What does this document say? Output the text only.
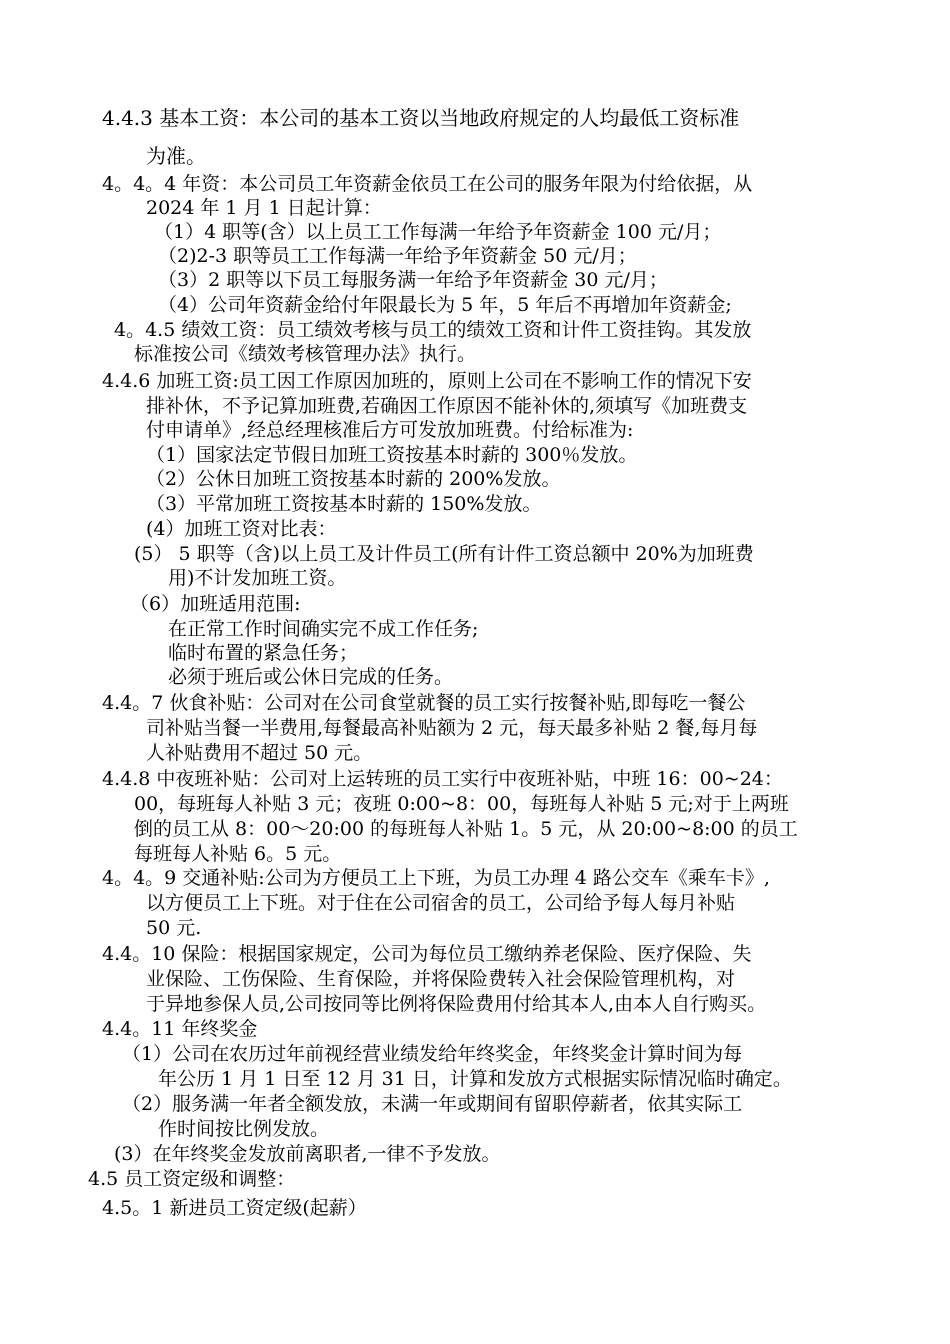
4.4.3 基本工资：本公司的基本工资以当地政府规定的人均最低工资标准
为准。
4。4。4 年资：本公司员工年资薪金依员工在公司的服务年限为付给依据，从
2024 年 1 月 1 日起计算：
（1）4 职等(含）以上员工工作每满一年给予年资薪金 100 元/月；
（2)2-3 职等员工工作每满一年给予年资薪金 50 元/月；
（3）2 职等以下员工每服务满一年给予年资薪金 30 元/月；
（4）公司年资薪金给付年限最长为 5 年，5 年后不再增加年资薪金;
4。4.5 绩效工资：员工绩效考核与员工的绩效工资和计件工资挂钩。其发放
标准按公司《绩效考核管理办法》执行。
4.4.6 加班工资:员工因工作原因加班的，原则上公司在不影响工作的情况下安
排补休，不予记算加班费,若确因工作原因不能补休的,须填写《加班费支
付申请单》,经总经理核准后方可发放加班费。付给标准为:
（1）国家法定节假日加班工资按基本时薪的 300％发放。
（2）公休日加班工资按基本时薪的 200%发放。
（3）平常加班工资按基本时薪的 150%发放。
(4）加班工资对比表：
(5） 5 职等（含)以上员工及计件员工(所有计件工资总额中 20%为加班费
用)不计发加班工资。
（6）加班适用范围:
在正常工作时间确实完不成工作任务;
临时布置的紧急任务；
必须于班后或公休日完成的任务。
4.4。7 伙食补贴：公司对在公司食堂就餐的员工实行按餐补贴,即每吃一餐公
司补贴当餐一半费用,每餐最高补贴额为 2 元，每天最多补贴 2 餐,每月每
人补贴费用不超过 50 元。
4.4.8 中夜班补贴：公司对上运转班的员工实行中夜班补贴，中班 16：00~24：
00，每班每人补贴 3 元；夜班 0:00~8：00，每班每人补贴 5 元;对于上两班
倒的员工从 8：00～20:00 的每班每人补贴 1。5 元，从 20:00~8:00 的员工
每班每人补贴 6。5 元。
4。4。9 交通补贴:公司为方便员工上下班，为员工办理 4 路公交车《乘车卡》,
以方便员工上下班。对于住在公司宿舍的员工，公司给予每人每月补贴
50 元.
4.4。10 保险：根据国家规定，公司为每位员工缴纳养老保险、医疗保险、失
业保险、工伤保险、生育保险，并将保险费转入社会保险管理机构，对
于异地参保人员,公司按同等比例将保险费用付给其本人,由本人自行购买。
4.4。11 年终奖金
（1）公司在农历过年前视经营业绩发给年终奖金，年终奖金计算时间为每
年公历 1 月 1 日至 12 月 31 日，计算和发放方式根据实际情况临时确定。
（2）服务满一年者全额发放，未满一年或期间有留职停薪者，依其实际工
作时间按比例发放。
(3）在年终奖金发放前离职者,一律不予发放。
4.5 员工资定级和调整：
4.5。1 新进员工资定级(起薪）
